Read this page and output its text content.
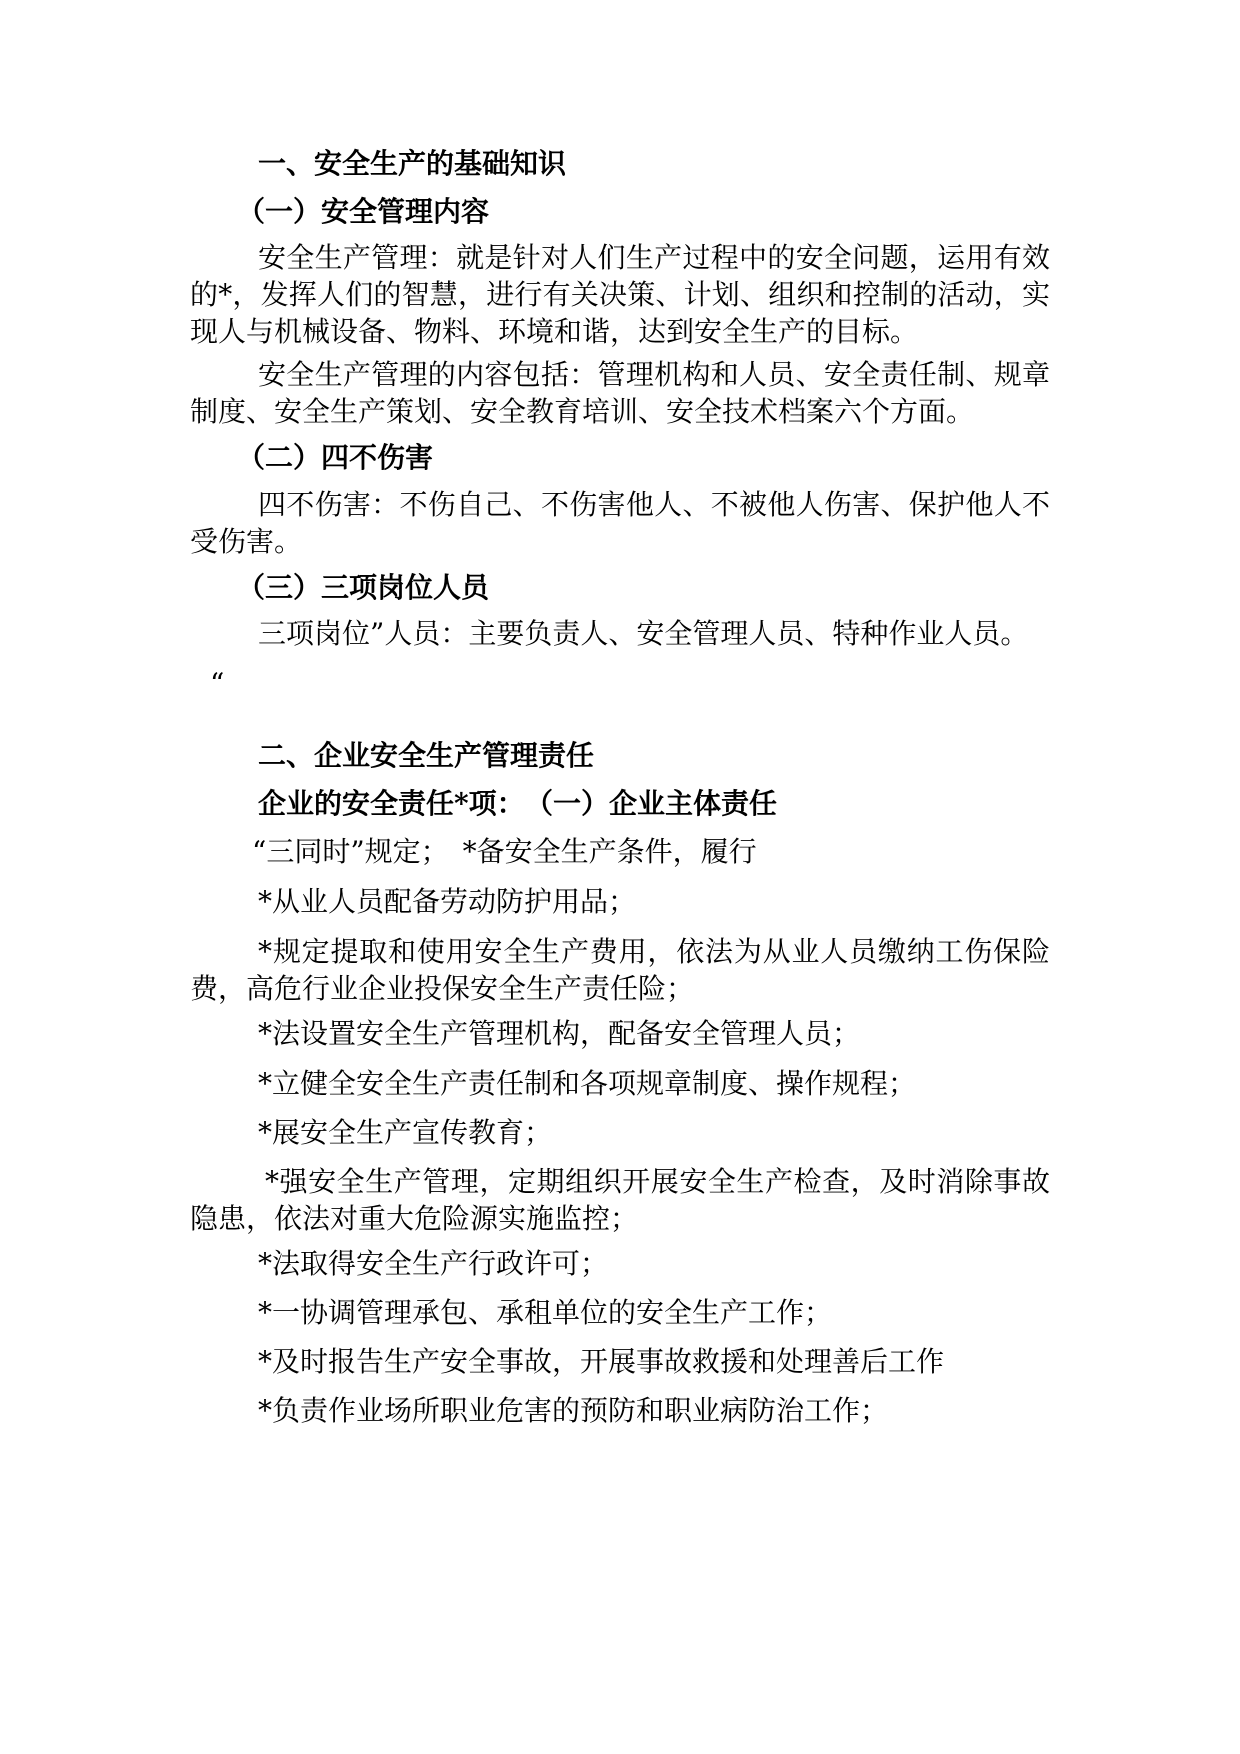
一、安全生产的基础知识
（一）安全管理内容
安全生产管理：就是针对人们生产过程中的安全问题，运用有效的*，发挥人们的智慧，进行有关决策、计划、组织和控制的活动，实现人与机械设备、物料、环境和谐，达到安全生产的目标。
安全生产管理的内容包括：管理机构和人员、安全责任制、规章制度、安全生产策划、安全教育培训、安全技术档案六个方面。
（二）四不伤害
四不伤害：不伤自己、不伤害他人、不被他人伤害、保护他人不受伤害。
（三）三项岗位人员
三项岗位”人员：主要负责人、安全管理人员、特种作业人员。
“
二、企业安全生产管理责任
企业的安全责任*项： （一）企业主体责任
“三同时”规定；　*备安全生产条件，履行
*从业人员配备劳动防护用品；
*规定提取和使用安全生产费用，依法为从业人员缴纳工伤保险费，高危行业企业投保安全生产责任险；
*法设置安全生产管理机构，配备安全管理人员；
*立健全安全生产责任制和各项规章制度、操作规程；
*展安全生产宣传教育；
*强安全生产管理，定期组织开展安全生产检查，及时消除事故隐患，依法对重大危险源实施监控；
*法取得安全生产行政许可；
*一协调管理承包、承租单位的安全生产工作；
*及时报告生产安全事故，开展事故救援和处理善后工作
*负责作业场所职业危害的预防和职业病防治工作；
